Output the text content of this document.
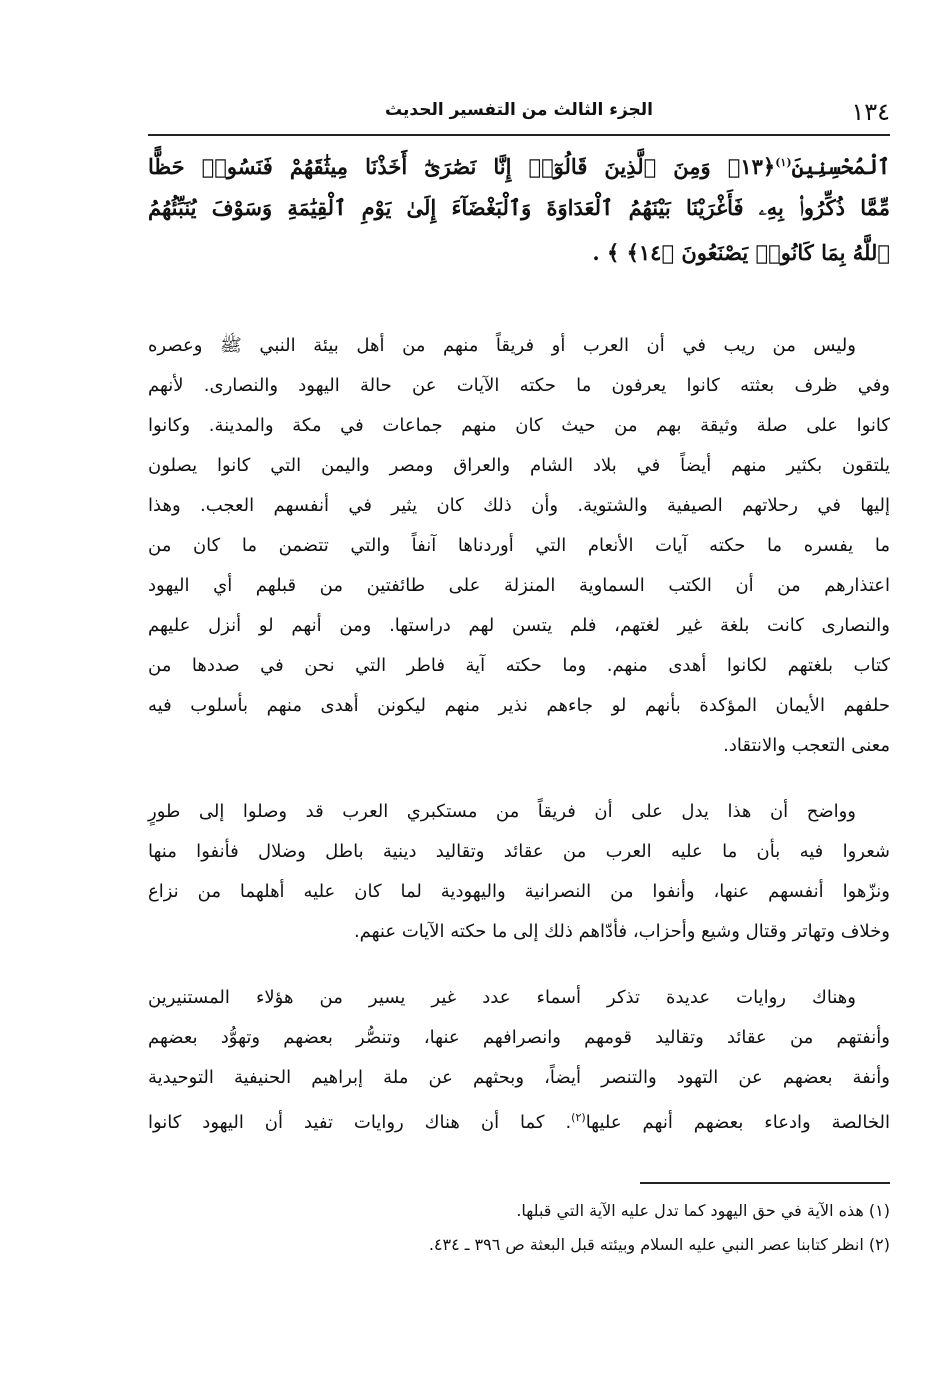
١٣٤
الجزء الثالث من التفسير الحديث
ٱلْمُحْسِنِينَ$^{(١)}$﴿١٣﴾ وَمِنَ ٱلَّذِينَ قَالُوٓا۟ إِنَّا نَصَٰرَىٰٓ أَخَذْنَا مِيثَٰقَهُمْ فَنَسُوا۟ حَظًّا
مِّمَّا ذُكِّرُوا۟ بِهِۦ فَأَغْرَيْنَا بَيْنَهُمُ ٱلْعَدَاوَةَ وَٱلْبَغْضَآءَ إِلَىٰ يَوْمِ ٱلْقِيَٰمَةِ وَسَوْفَ يُنَبِّئُهُمُ
ٱللَّهُ بِمَا كَانُوا۟ يَصْنَعُونَ ﴿١٤﴾ ﴾ .
وليس من ريب في أن العرب أو فريقاً منهم من أهل بيئة النبي ﷺ وعصره
وفي ظرف بعثته كانوا يعرفون ما حكته الآيات عن حالة اليهود والنصارى. لأنهم
كانوا على صلة وثيقة بهم من حيث كان منهم جماعات في مكة والمدينة. وكانوا
يلتقون بكثير منهم أيضاً في بلاد الشام والعراق ومصر واليمن التي كانوا يصلون
إليها في رحلاتهم الصيفية والشتوية. وأن ذلك كان يثير في أنفسهم العجب. وهذا
ما يفسره ما حكته آيات الأنعام التي أوردناها آنفاً والتي تتضمن ما كان من
اعتذارهم من أن الكتب السماوية المنزلة على طائفتين من قبلهم أي اليهود
والنصارى كانت بلغة غير لغتهم، فلم يتسن لهم دراستها. ومن أنهم لو أنزل عليهم
كتاب بلغتهم لكانوا أهدى منهم. وما حكته آية فاطر التي نحن في صددها من
حلفهم الأيمان المؤكدة بأنهم لو جاءهم نذير منهم ليكونن أهدى منهم بأسلوب فيه
معنى التعجب والانتقاد.
وواضح أن هذا يدل على أن فريقاً من مستكبري العرب قد وصلوا إلى طورٍ
شعروا فيه بأن ما عليه العرب من عقائد وتقاليد دينية باطل وضلال فأنفوا منها
ونزّهوا أنفسهم عنها، وأنفوا من النصرانية واليهودية لما كان عليه أهلهما من نزاع
وخلاف وتهاتر وقتال وشيع وأحزاب، فأدّاهم ذلك إلى ما حكته الآيات عنهم.
وهناك روايات عديدة تذكر أسماء عدد غير يسير من هؤلاء المستنيرين
وأنفتهم من عقائد وتقاليد قومهم وانصرافهم عنها، وتنصُّر بعضهم وتهوُّد بعضهم
وأنفة بعضهم عن التهود والتنصر أيضاً، وبحثهم عن ملة إبراهيم الحنيفية التوحيدية
الخالصة وادعاء بعضهم أنهم عليها$^{(٢)}$. كما أن هناك روايات تفيد أن اليهود كانوا
(١) هذه الآية في حق اليهود كما تدل عليه الآية التي قبلها.
(٢) انظر كتابنا عصر النبي عليه السلام وبيئته قبل البعثة ص ٣٩٦ ـ ٤٣٤.
